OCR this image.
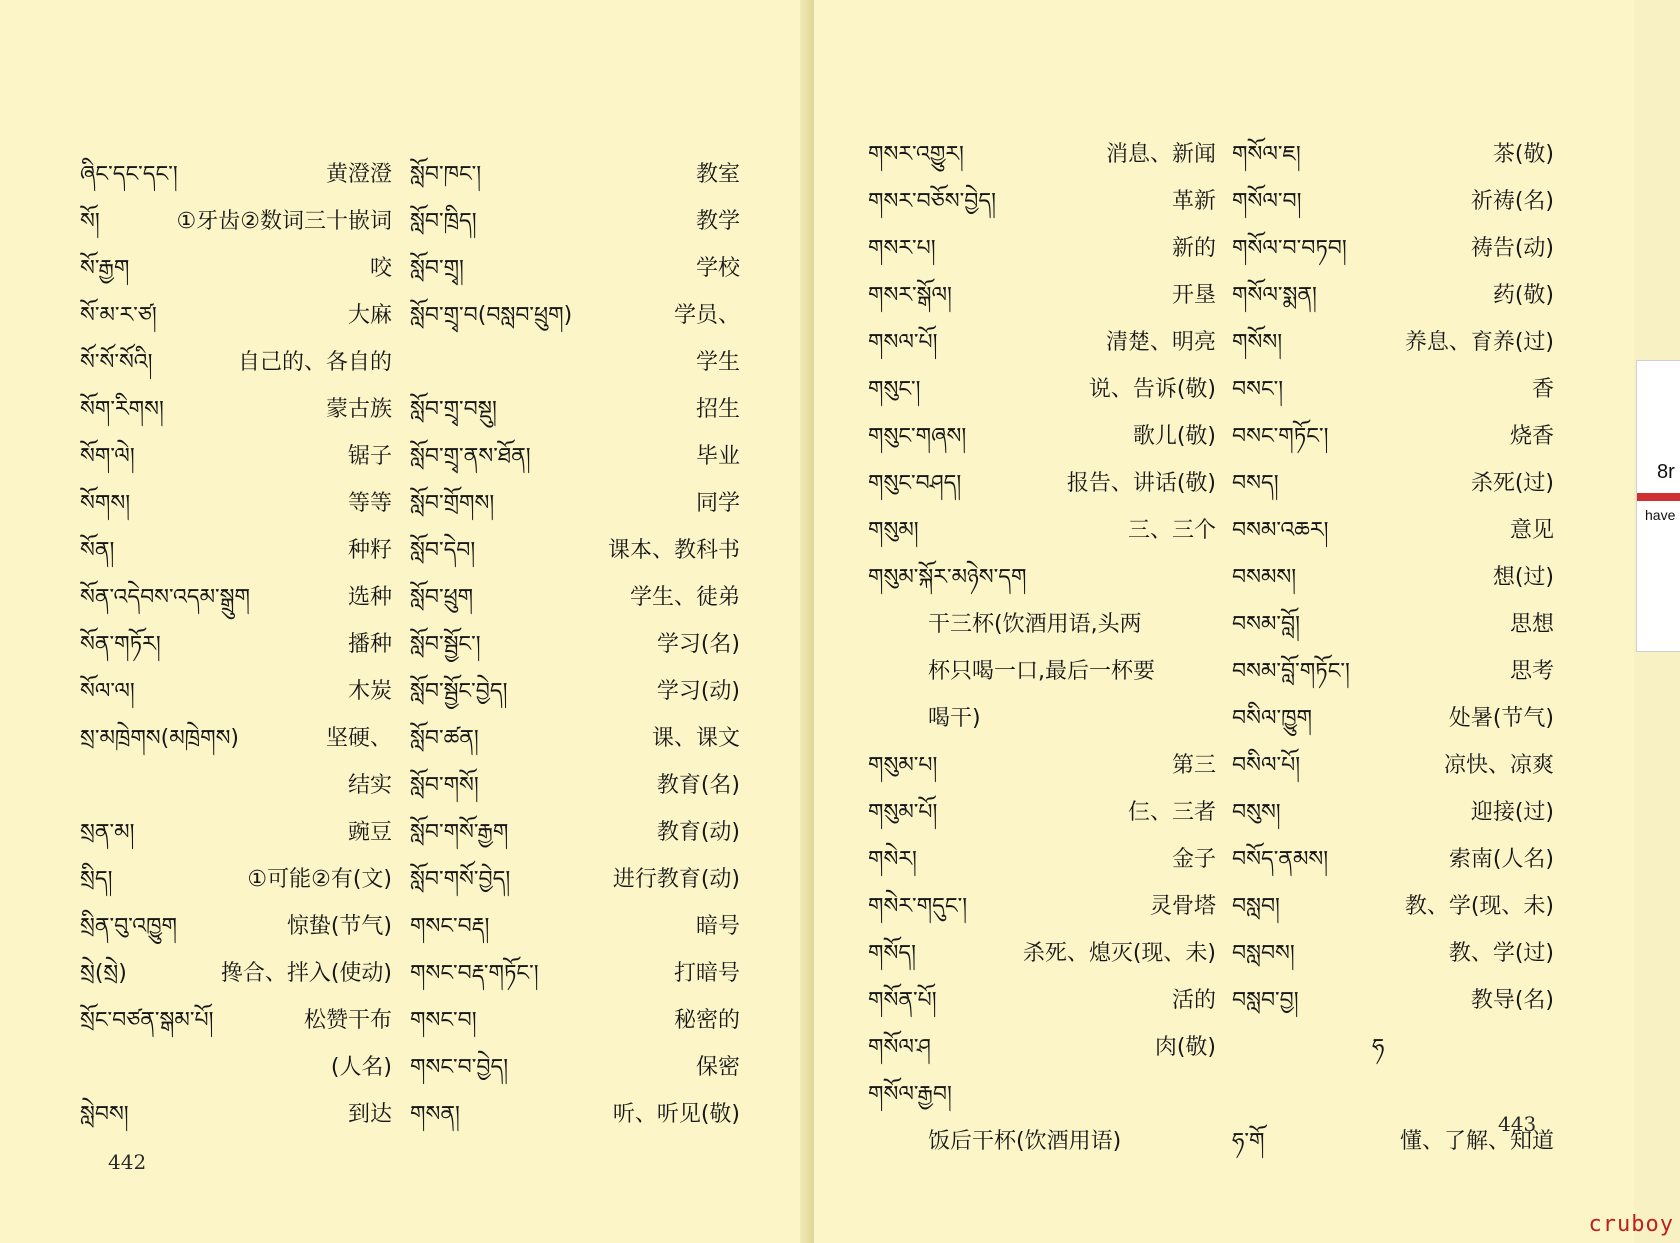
8r
have
ཞིང་དང་དང་།	黄澄澄
སོ།	①牙齿②数词三十嵌词
སོ་རྒྱག	咬
སོ་མ་ར་ཙ།	大麻
སོ་སོ་སོའི།	自己的、各自的
སོག་རིགས།	蒙古族
སོག་ལེ།	锯子
སོགས།	等等
སོན།	种籽
སོན་འདེབས་འདམ་སྒྲུག	选种
སོན་གཏོར།	播种
སོལ་ལ།	木炭
སྲ་མཁྲེགས(མཁྲེགས)	坚硬、
结实
སྲན་མ།	豌豆
སྲིད།	①可能②有(文)
སྲིན་བུ་འཁྱུག	惊蛰(节气)
སྲེ(སྲེ)	搀合、拌入(使动)
སྲོང་བཙན་སྒམ་པོ།	松赞干布
(人名)
སླེབས།	到达
སློབ་ཁང་།	教室
སློབ་ཁྲིད།	教学
སློབ་གྲྭ།	学校
སློབ་གྲྭ་བ(བསླབ་ཕྲུག)	学员、
学生
སློབ་གྲྭ་བསྡུ།	招生
སློབ་གྲྭ་ནས་ཐོན།	毕业
སློབ་གྲོགས།	同学
སློབ་དེབ།	课本、教科书
སློབ་ཕྲུག	学生、徒弟
སློབ་སྦྱོང་།	学习(名)
སློབ་སྦྱོང་བྱེད།	学习(动)
སློབ་ཚན།	课、课文
སློབ་གསོ།	教育(名)
སློབ་གསོ་རྒྱག	教育(动)
སློབ་གསོ་བྱེད།	进行教育(动)
གསང་བརྡ།	暗号
གསང་བརྡ་གཏོང་།	打暗号
གསང་བ།	秘密的
གསང་བ་བྱེད།	保密
གསན།	听、听见(敬)
གསར་འགྱུར།	消息、新闻
གསར་བཅོས་བྱེད།	革新
གསར་པ།	新的
གསར་སྒོལ།	开垦
གསལ་པོ།	清楚、明亮
གསུང་།	说、告诉(敬)
གསུང་གཞས།	歌儿(敬)
གསུང་བཤད།	报告、讲话(敬)
གསུམ།	三、三个
གསུམ་སྐོར་མཉེས་དག
干三杯(饮酒用语,头两
杯只喝一口,最后一杯要
喝干)
གསུམ་པ།	第三
གསུམ་པོ།	仨、三者
གསེར།	金子
གསེར་གདུང་།	灵骨塔
གསོད།	杀死、熄灭(现、未)
གསོན་པོ།	活的
གསོལ་ཤ	肉(敬)
གསོལ་རྒྱབ།
饭后干杯(饮酒用语)
གསོལ་ཇ།	茶(敬)
གསོལ་བ།	祈祷(名)
གསོལ་བ་བཏབ།	祷告(动)
གསོལ་སྨན།	药(敬)
གསོས།	养息、育养(过)
བསང་།	香
བསང་གཏོང་།	烧香
བསད།	杀死(过)
བསམ་འཆར།	意见
བསམས།	想(过)
བསམ་བློ།	思想
བསམ་བློ་གཏོང་།	思考
བསིལ་ཁྱུག	处暑(节气)
བསིལ་པོ།	凉快、凉爽
བསུས།	迎接(过)
བསོད་ནམས།	索南(人名)
བསླབ།	教、学(现、未)
བསླབས།	教、学(过)
བསླབ་བྱ།	教导(名)
ཧ
ཧ་གོ	懂、了解、知道
442
443
cruboy
